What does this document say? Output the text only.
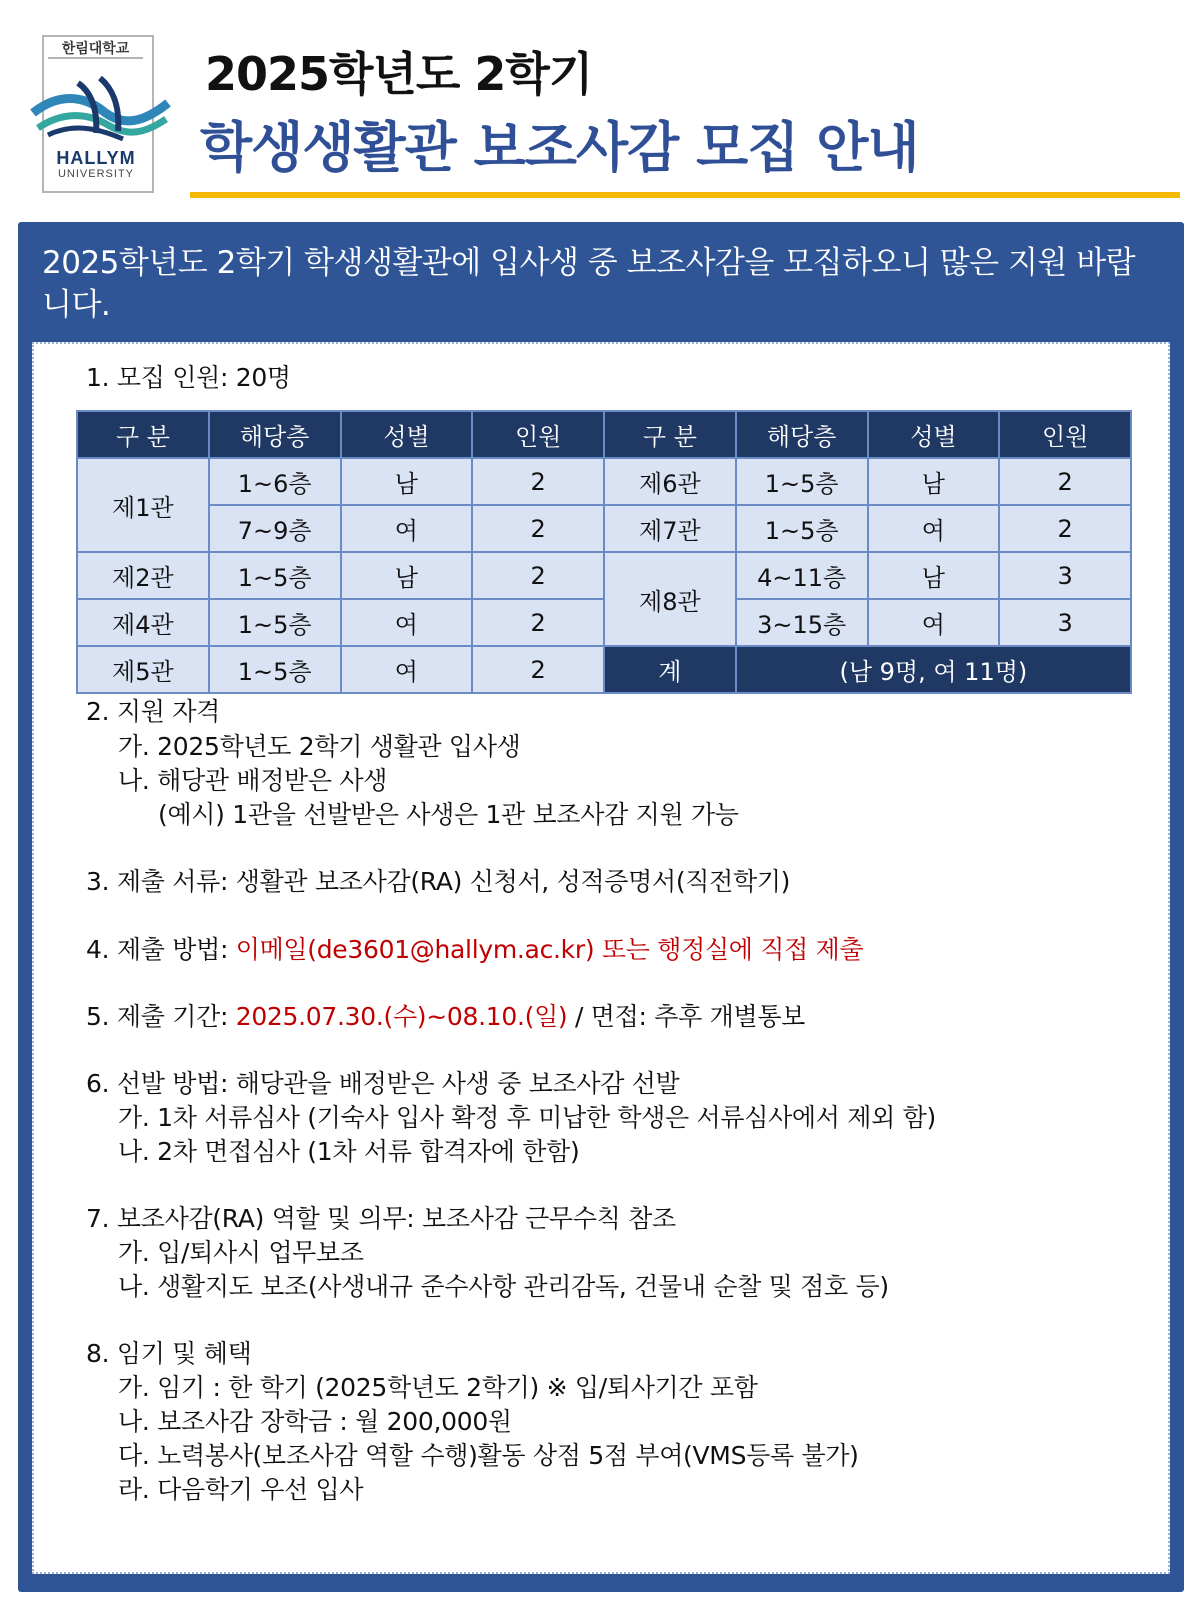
한림대학교
HALLYM
UNIVERSITY
2025학년도 2학기
학생생활관 보조사감 모집 안내
2025학년도 2학기 학생생활관에 입사생 중 보조사감을 모집하오니 많은 지원 바랍니다.
1. 모집 인원: 20명
구 분	해당층	성별	인원	구 분	해당층	성별	인원
제1관	1~6층	남	2	제6관	1~5층	남	2
	7~9층	여	2	제7관	1~5층	여	2
제2관	1~5층	남	2	제8관	4~11층	남	3
제4관	1~5층	여	2		3~15층	여	3
제5관	1~5층	여	2	계	(남 9명, 여 11명)		
2. 지원 자격
가. 2025학년도 2학기 생활관 입사생
나. 해당관 배정받은 사생
(예시) 1관을 선발받은 사생은 1관 보조사감 지원 가능
3. 제출 서류: 생활관 보조사감(RA) 신청서, 성적증명서(직전학기)
4. 제출 방법: 이메일(de3601@hallym.ac.kr) 또는 행정실에 직접 제출
5. 제출 기간: 2025.07.30.(수)~08.10.(일) / 면접: 추후 개별통보
6. 선발 방법: 해당관을 배정받은 사생 중 보조사감 선발
가. 1차 서류심사 (기숙사 입사 확정 후 미납한 학생은 서류심사에서 제외 함)
나. 2차 면접심사 (1차 서류 합격자에 한함)
7. 보조사감(RA) 역할 및 의무: 보조사감 근무수칙 참조
가. 입/퇴사시 업무보조
나. 생활지도 보조(사생내규 준수사항 관리감독, 건물내 순찰 및 점호 등)
8. 임기 및 혜택
가. 임기 : 한 학기 (2025학년도 2학기) ※ 입/퇴사기간 포함
나. 보조사감 장학금 : 월 200,000원
다. 노력봉사(보조사감 역할 수행)활동 상점 5점 부여(VMS등록 불가)
라. 다음학기 우선 입사
